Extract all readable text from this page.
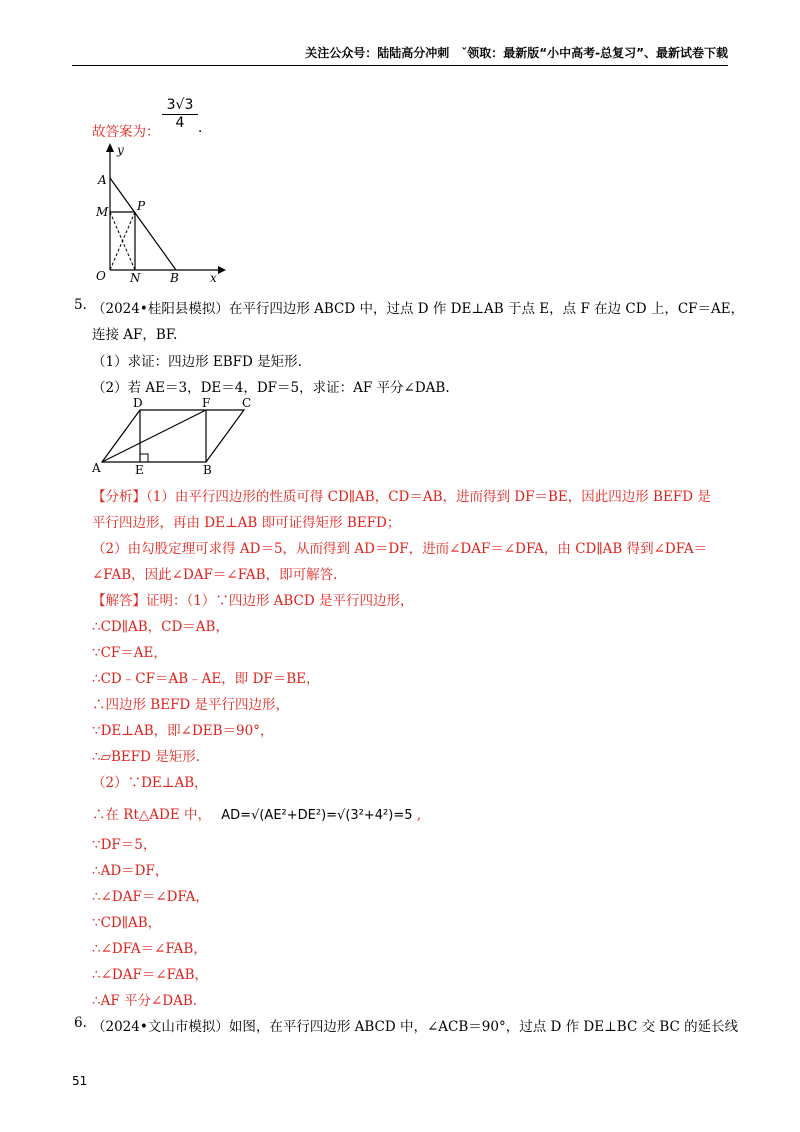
关注公众号：陆陆高分冲刺　ˇ领取：最新版“小中高考-总复习”、最新试卷下载
故答案为：
$\frac{3√3}{4}$ .
y
x
A
M P
O N B
5. （2024•桂阳县模拟）在平行四边形 ABCD 中，过点 D 作 DE⊥AB 于点 E，点 F 在边 CD 上，CF＝AE，
连接 AF，BF.
（1）求证：四边形 EBFD 是矩形.
（2）若 AE＝3，DE＝4，DF＝5，求证：AF 平分∠DAB.
D	F	C
A	E	B
【分析】（1）由平行四边形的性质可得 CD∥AB，CD＝AB，进而得到 DF＝BE，因此四边形 BEFD 是
平行四边形，再由 DE⊥AB 即可证得矩形 BEFD；
（2）由勾股定理可求得 AD＝5，从而得到 AD＝DF，进而∠DAF＝∠DFA，由 CD∥AB 得到∠DFA＝
∠FAB，因此∠DAF＝∠FAB，即可解答.
【解答】证明：（1）∵四边形 ABCD 是平行四边形，
∴CD∥AB，CD＝AB，
∵CF＝AE，
∴CD﹣CF＝AB﹣AE，即 DF＝BE，
∴四边形 BEFD 是平行四边形，
∵DE⊥AB，即∠DEB＝90°，
∴▱BEFD 是矩形.
（2）∵DE⊥AB，
∴在 Rt△ADE 中， AD=√(AE²+DE²)=√(3²+4²)=5 ,
∵DF＝5，
∴AD＝DF，
∴∠DAF＝∠DFA，
∵CD∥AB，
∴∠DFA＝∠FAB，
∴∠DAF＝∠FAB，
∴AF 平分∠DAB.
6. （2024•文山市模拟）如图，在平行四边形 ABCD 中，∠ACB＝90°，过点 D 作 DE⊥BC 交 BC 的延长线
51
